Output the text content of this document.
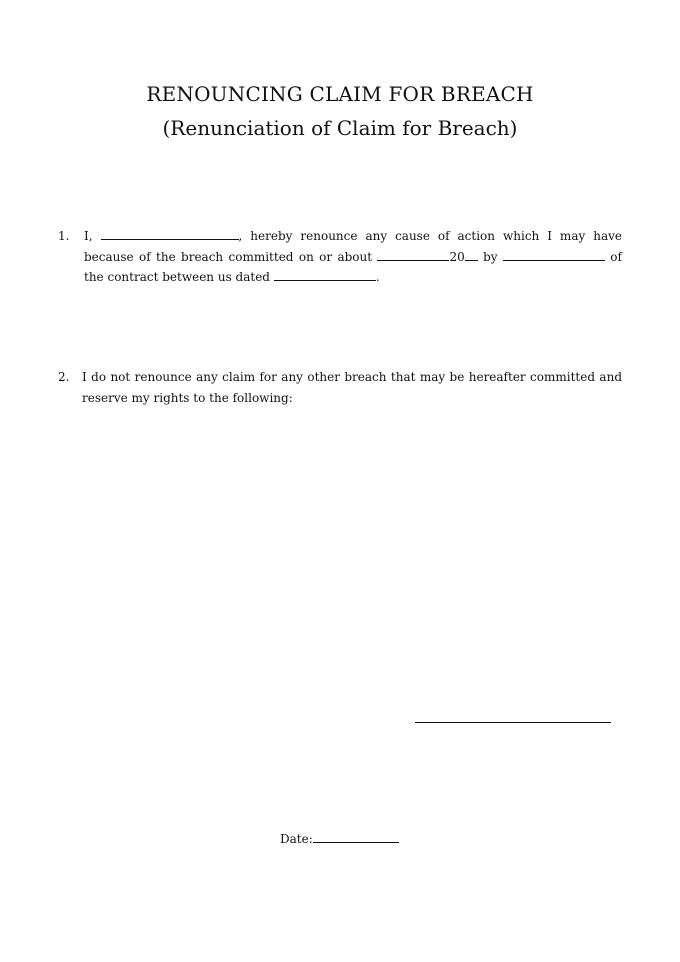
RENOUNCING CLAIM FOR BREACH
(Renunciation of Claim for Breach)
1. I,	, hereby renounce any cause of action which I may have
because of the breach committed on or about	20 by	of
the contract between us dated	.
2. I do not renounce any claim for any other breach that may be hereafter committed and
reserve my rights to the following:
Date:
